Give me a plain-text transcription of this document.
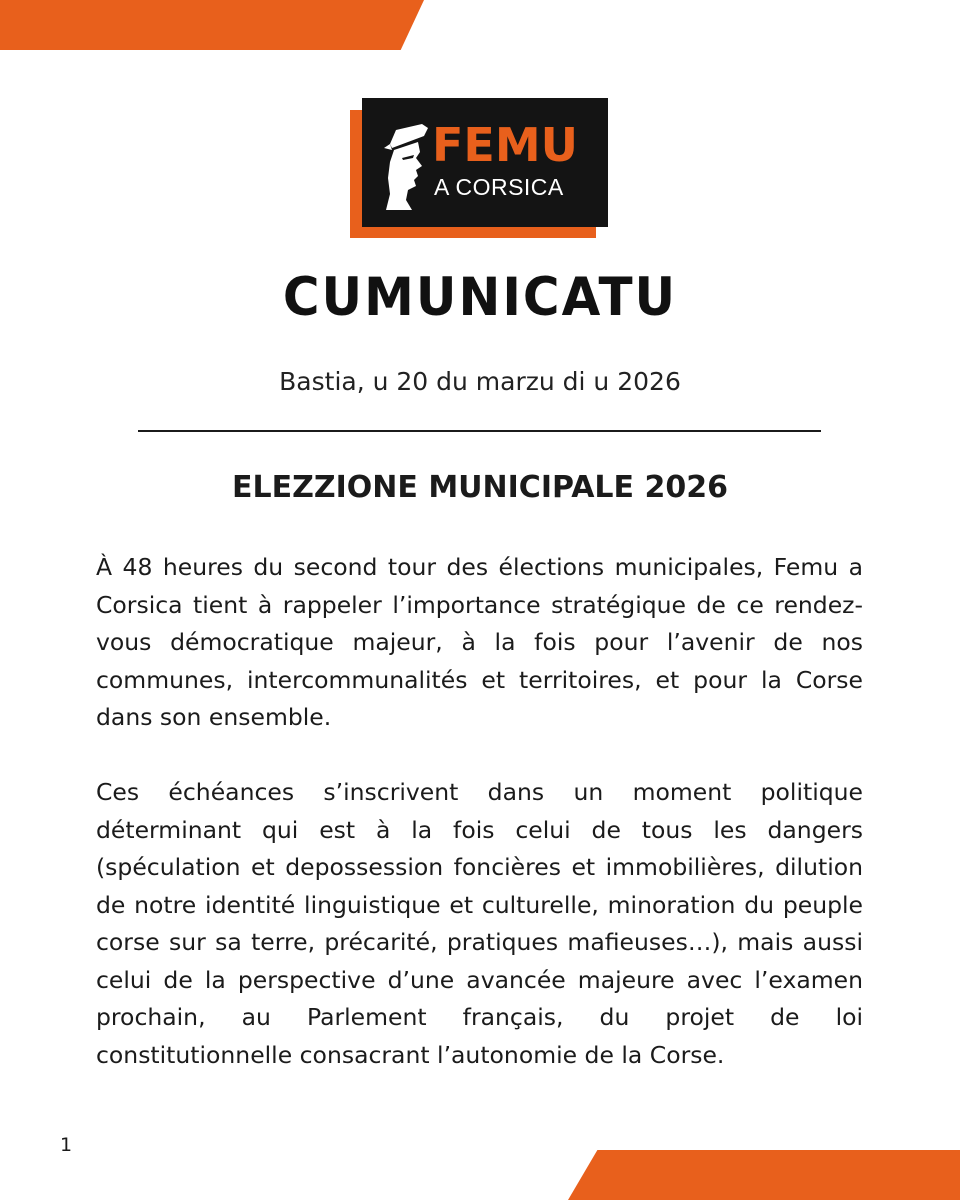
FEMU
A CORSICA
CUMUNICATU
Bastia, u 20 du marzu di u 2026
ELEZZIONE MUNICIPALE 2026

À 48 heures du second tour des élections municipales, Femu a Corsica tient à rappeler l’importance stratégique de ce rendez-vous démocratique majeur, à la fois pour l’avenir de nos communes, intercommunalités et territoires, et pour la Corse dans son ensemble.

Ces échéances s’inscrivent dans un moment politique déterminant qui est à la fois celui de tous les dangers (spéculation et depossession foncières et immobilières, dilution de notre identité linguistique et culturelle, minoration du peuple corse sur sa terre, précarité, pratiques mafieuses…), mais aussi celui de la perspective d’une avancée majeure avec l’examen prochain, au Parlement français, du projet de loi constitutionnelle consacrant l’autonomie de la Corse.

1
